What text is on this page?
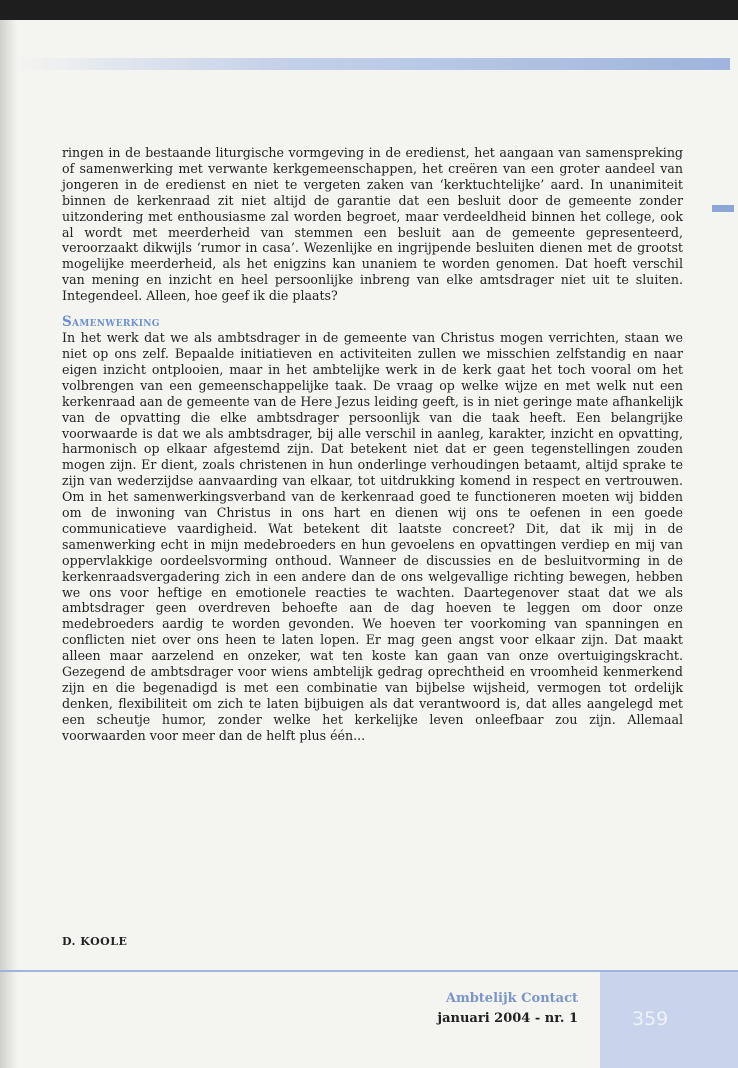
ringen in de bestaande liturgische vormgeving in de eredienst, het aangaan van samenspreking of samenwerking met verwante kerkgemeenschappen, het creëren van een groter aandeel van jongeren in de eredienst en niet te vergeten zaken van ‘kerktuchtelijke’ aard. In unanimiteit binnen de kerkenraad zit niet altijd de garantie dat een besluit door de gemeente zonder uitzondering met enthousiasme zal worden begroet, maar verdeeldheid binnen het college, ook al wordt met meerderheid van stemmen een besluit aan de gemeente gepresenteerd, veroorzaakt dikwijls ‘rumor in casa’. Wezenlijke en ingrijpende besluiten dienen met de grootst mogelijke meerderheid, als het enigzins kan unaniem te worden genomen. Dat hoeft verschil van mening en inzicht en heel persoonlijke inbreng van elke amtsdrager niet uit te sluiten. Integendeel. Alleen, hoe geef ik die plaats?

Samenwerking

In het werk dat we als ambtsdrager in de gemeente van Christus mogen verrichten, staan we niet op ons zelf. Bepaalde initiatieven en activiteiten zullen we misschien zelfstandig en naar eigen inzicht ontplooien, maar in het ambtelijke werk in de kerk gaat het toch vooral om het volbrengen van een gemeenschappelijke taak. De vraag op welke wijze en met welk nut een kerkenraad aan de gemeente van de Here Jezus leiding geeft, is in niet geringe mate afhankelijk van de opvatting die elke ambtsdrager persoonlijk van die taak heeft. Een belangrijke voorwaarde is dat we als ambtsdrager, bij alle verschil in aanleg, karakter, inzicht en opvatting, harmonisch op elkaar afgestemd zijn. Dat betekent niet dat er geen tegenstellingen zouden mogen zijn. Er dient, zoals christenen in hun onderlinge verhoudingen betaamt, altijd sprake te zijn van wederzijdse aanvaarding van elkaar, tot uitdrukking komend in respect en vertrouwen. Om in het samenwerkingsverband van de kerkenraad goed te functioneren moeten wij bidden om de inwoning van Christus in ons hart en dienen wij ons te oefenen in een goede communicatieve vaardigheid. Wat betekent dit laatste concreet? Dit, dat ik mij in de samenwerking echt in mijn medebroeders en hun gevoelens en opvattingen verdiep en mij van oppervlakkige oordeelsvorming onthoud. Wanneer de discussies en de besluitvorming in de kerkenraadsvergadering zich in een andere dan de ons welgevallige richting bewegen, hebben we ons voor heftige en emotionele reacties te wachten. Daartegenover staat dat we als ambtsdrager geen overdreven behoefte aan de dag hoeven te leggen om door onze medebroeders aardig te worden gevonden. We hoeven ter voorkoming van spanningen en conflicten niet over ons heen te laten lopen. Er mag geen angst voor elkaar zijn. Dat maakt alleen maar aarzelend en onzeker, wat ten koste kan gaan van onze overtuigingskracht. Gezegend de ambtsdrager voor wiens ambtelijk gedrag oprechtheid en vroomheid kenmerkend zijn en die begenadigd is met een combinatie van bijbelse wijsheid, vermogen tot ordelijk denken, flexibiliteit om zich te laten bijbuigen als dat verantwoord is, dat alles aangelegd met een scheutje humor, zonder welke het kerkelijke leven onleefbaar zou zijn. Allemaal voorwaarden voor meer dan de helft plus één...

D. KOOLE
359
Ambtelijk Contact
januari 2004 - nr. 1
